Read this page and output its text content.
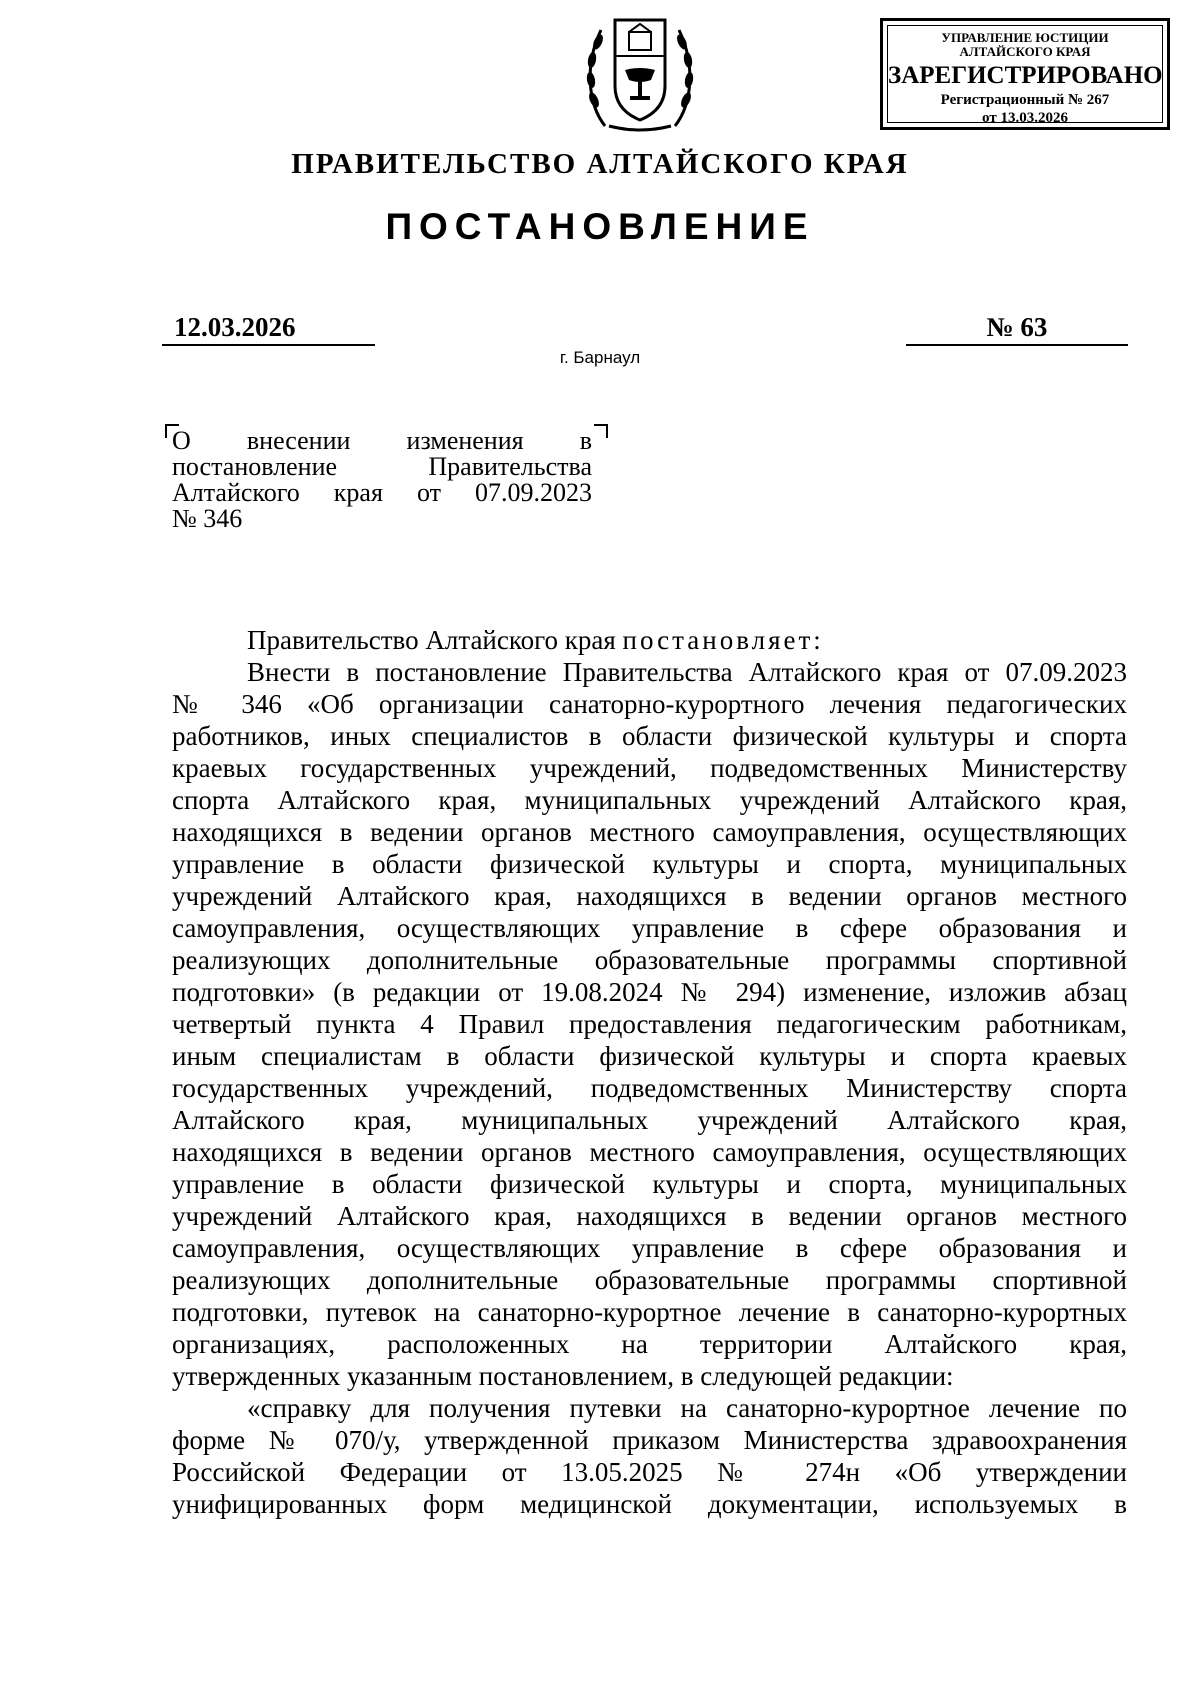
УПРАВЛЕНИЕ ЮСТИЦИИ
АЛТАЙСКОГО КРАЯ
ЗАРЕГИСТРИРОВАНО
Регистрационный № 267
от 13.03.2026
ПРАВИТЕЛЬСТВО АЛТАЙСКОГО КРАЯ
ПОСТАНОВЛЕНИЕ
12.03.2026	№ 63
г. Барнаул
О внесении изменения в
постановление Правительства
Алтайского края от 07.09.2023
№ 346
Правительство Алтайского края постановляет:
Внести в постановление Правительства Алтайского края от 07.09.2023
№ 346 «Об организации санаторно-курортного лечения педагогических
работников, иных специалистов в области физической культуры и спорта
краевых государственных учреждений, подведомственных Министерству
спорта Алтайского края, муниципальных учреждений Алтайского края,
находящихся в ведении органов местного самоуправления, осуществляющих
управление в области физической культуры и спорта, муниципальных
учреждений Алтайского края, находящихся в ведении органов местного
самоуправления, осуществляющих управление в сфере образования и
реализующих дополнительные образовательные программы спортивной
подготовки» (в редакции от 19.08.2024 № 294) изменение, изложив абзац
четвертый пункта 4 Правил предоставления педагогическим работникам,
иным специалистам в области физической культуры и спорта краевых
государственных учреждений, подведомственных Министерству спорта
Алтайского края, муниципальных учреждений Алтайского края,
находящихся в ведении органов местного самоуправления, осуществляющих
управление в области физической культуры и спорта, муниципальных
учреждений Алтайского края, находящихся в ведении органов местного
самоуправления, осуществляющих управление в сфере образования и
реализующих дополнительные образовательные программы спортивной
подготовки, путевок на санаторно-курортное лечение в санаторно-курортных
организациях, расположенных на территории Алтайского края,
утвержденных указанным постановлением, в следующей редакции:
«справку для получения путевки на санаторно-курортное лечение по
форме № 070/у, утвержденной приказом Министерства здравоохранения
Российской Федерации от 13.05.2025 № 274н «Об утверждении
унифицированных форм медицинской документации, используемых в
